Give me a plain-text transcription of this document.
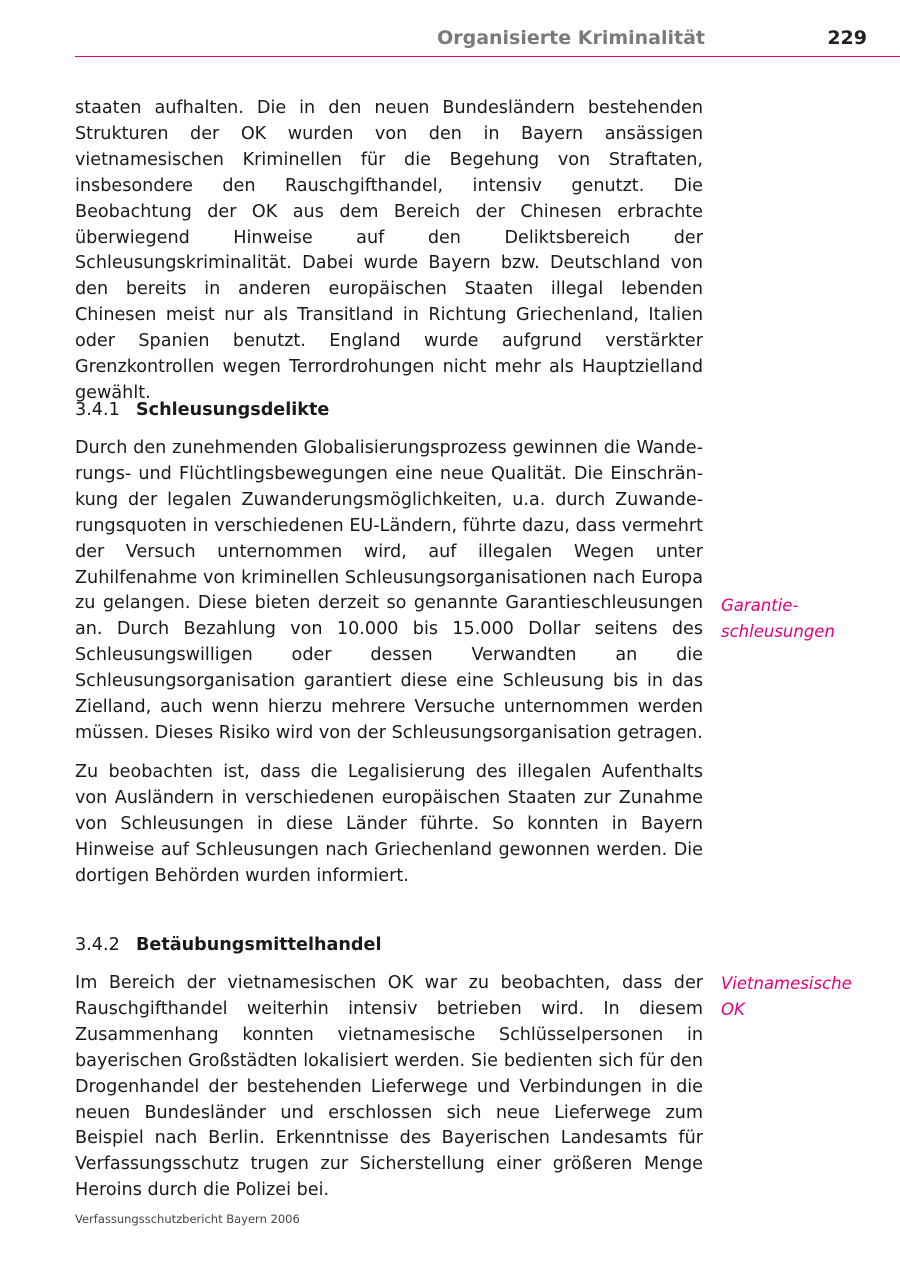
Organisierte Kriminalität	229

staaten aufhalten. Die in den neuen Bundesländern bestehenden Strukturen der OK wurden von den in Bayern ansässigen vietnamesischen Kriminellen für die Begehung von Straftaten, insbesondere den Rauschgifthandel, intensiv genutzt. Die Beobachtung der OK aus dem Bereich der Chinesen erbrachte überwiegend Hinweise auf den Deliktsbereich der Schleusungskriminalität. Dabei wurde Bayern bzw. Deutschland von den bereits in anderen europäischen Staaten illegal lebenden Chinesen meist nur als Transitland in Richtung Griechenland, Italien oder Spanien benutzt. England wurde aufgrund verstärkter Grenzkontrollen wegen Terrordrohungen nicht mehr als Hauptzielland gewählt.

3.4.1 Schleusungsdelikte

Durch den zunehmenden Globalisierungsprozess gewinnen die Wanderungs- und Flüchtlingsbewegungen eine neue Qualität. Die Einschränkung der legalen Zuwanderungsmöglichkeiten, u.a. durch Zuwanderungsquoten in verschiedenen EU-Ländern, führte dazu, dass vermehrt der Versuch unternommen wird, auf illegalen Wegen unter Zuhilfenahme von kriminellen Schleusungsorganisationen nach Europa zu gelangen. Diese bieten derzeit so genannte Garantieschleusungen an. Durch Bezahlung von 10.000 bis 15.000 Dollar seitens des Schleusungswilligen oder dessen Verwandten an die Schleusungsorganisation garantiert diese eine Schleusung bis in das Zielland, auch wenn hierzu mehrere Versuche unternommen werden müssen. Dieses Risiko wird von der Schleusungsorganisation getragen.

Zu beobachten ist, dass die Legalisierung des illegalen Aufenthalts von Ausländern in verschiedenen europäischen Staaten zur Zunahme von Schleusungen in diese Länder führte. So konnten in Bayern Hinweise auf Schleusungen nach Griechenland gewonnen werden. Die dortigen Behörden wurden informiert.

Garantie-
schleusungen
3.4.2 Betäubungsmittelhandel

Im Bereich der vietnamesischen OK war zu beobachten, dass der Rauschgifthandel weiterhin intensiv betrieben wird. In diesem Zusammenhang konnten vietnamesische Schlüsselpersonen in bayerischen Großstädten lokalisiert werden. Sie bedienten sich für den Drogenhandel der bestehenden Lieferwege und Verbindungen in die neuen Bundesländer und erschlossen sich neue Lieferwege zum Beispiel nach Berlin. Erkenntnisse des Bayerischen Landesamts für Verfassungsschutz trugen zur Sicherstellung einer größeren Menge Heroins durch die Polizei bei.

Vietnamesische
OK
Verfassungsschutzbericht Bayern 2006
